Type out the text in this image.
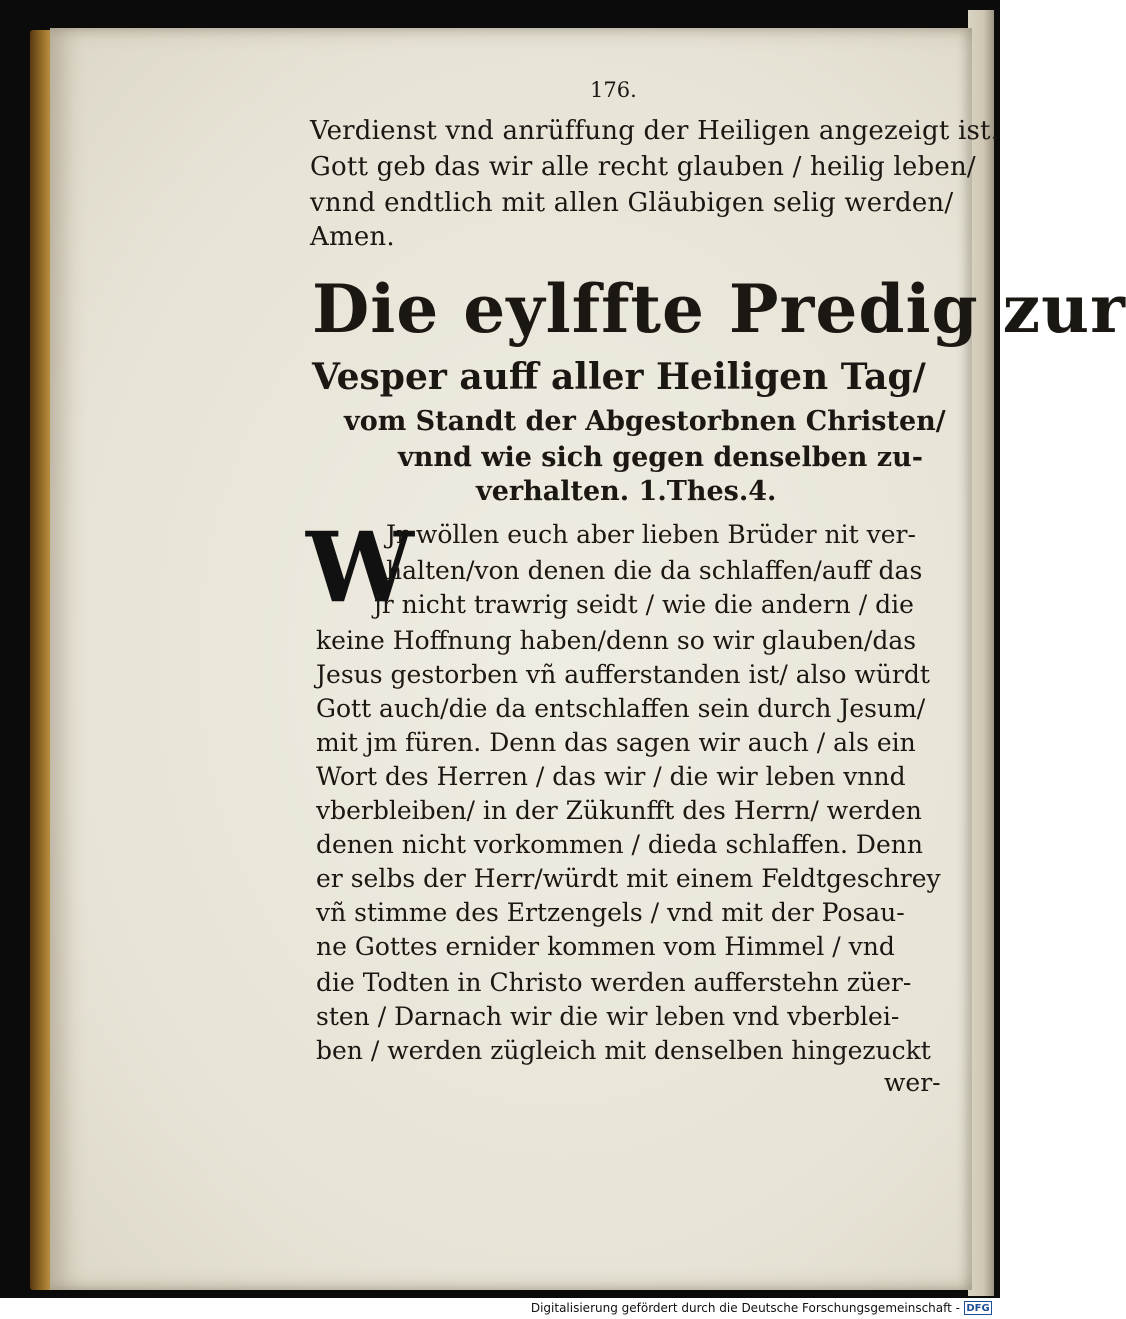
176.
Verdienst vnd anrüffung der Heiligen angezeigt ist.
Gott geb das wir alle recht glauben / heilig leben/
vnnd endtlich mit allen Gläubigen selig werden/
Amen.
Die eylffte Predig zur
Vesper auff aller Heiligen Tag/
vom Standt der Abgestorbnen Christen/
vnnd wie sich gegen denselben zu-
verhalten. 1.Thes.4.
W
Jr wöllen euch aber lieben Brüder nit ver-
halten/von denen die da schlaffen/auff das
jr nicht trawrig seidt / wie die andern / die
keine Hoffnung haben/denn so wir glauben/das
Jesus gestorben vñ aufferstanden ist/ also würdt
Gott auch/die da entschlaffen sein durch Jesum/
mit jm füren. Denn das sagen wir auch / als ein
Wort des Herren / das wir / die wir leben vnnd
vberbleiben/ in der Zükunfft des Herrn/ werden
denen nicht vorkommen / dieda schlaffen. Denn
er selbs der Herr/würdt mit einem Feldtgeschrey
vñ stimme des Ertzengels / vnd mit der Posau-
ne Gottes ernider kommen vom Himmel / vnd
die Todten in Christo werden aufferstehn züer-
sten / Darnach wir die wir leben vnd vberblei-
ben / werden zügleich mit denselben hingezuckt
wer-
Digitalisierung gefördert durch die Deutsche Forschungsgemeinschaft - DFG
